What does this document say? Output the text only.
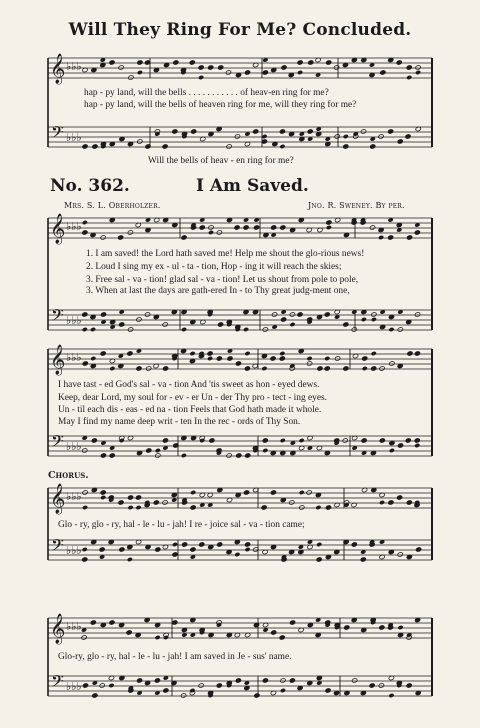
Will They Ring For Me? Concluded.
𝄞
𝄢
♭♭♭
♭♭♭
𝄞
𝄢
♭♭♭
♭♭♭
𝄞
𝄢
♭♭♭
♭♭♭
𝄞
𝄢
♭♭♭
♭♭♭
𝄞
𝄢
♭♭♭
♭♭♭
hap - py land, will the bells . . . . . . . . . . . of heav-en ring for me?
hap - py land, will the bells of heaven ring for me, will they ring for me?
Will the bells of heav - en ring for me?
No. 362.	I Am Saved.
Mrs. S. L. Oberholzer.	Jno. R. Sweney. By per.
1. I am saved! the Lord hath saved me! Help me shout the glo-rious news!
2. Loud I sing my ex - ul - ta - tion, Hop - ing it will reach the skies;
3. Free sal - va - tion! glad sal - va - tion! Let us shout from pole to pole,
3. When at last the days are gath-ered In - to Thy great judg-ment one,
I have tast - ed God's sal - va - tion And 'tis sweet as hon - eyed dews.
Keep, dear Lord, my soul for - ev - er Un - der Thy pro - tect - ing eyes.
Un - til each dis - eas - ed na - tion Feels that God hath made it whole.
May I find my name deep writ - ten In the rec - ords of Thy Son.
Chorus.
Glo - ry, glo - ry, hal - le - lu - jah! I re - joice sal - va - tion came;
Glo-ry, glo - ry, hal - le - lu - jah! I am saved in Je - sus' name.
